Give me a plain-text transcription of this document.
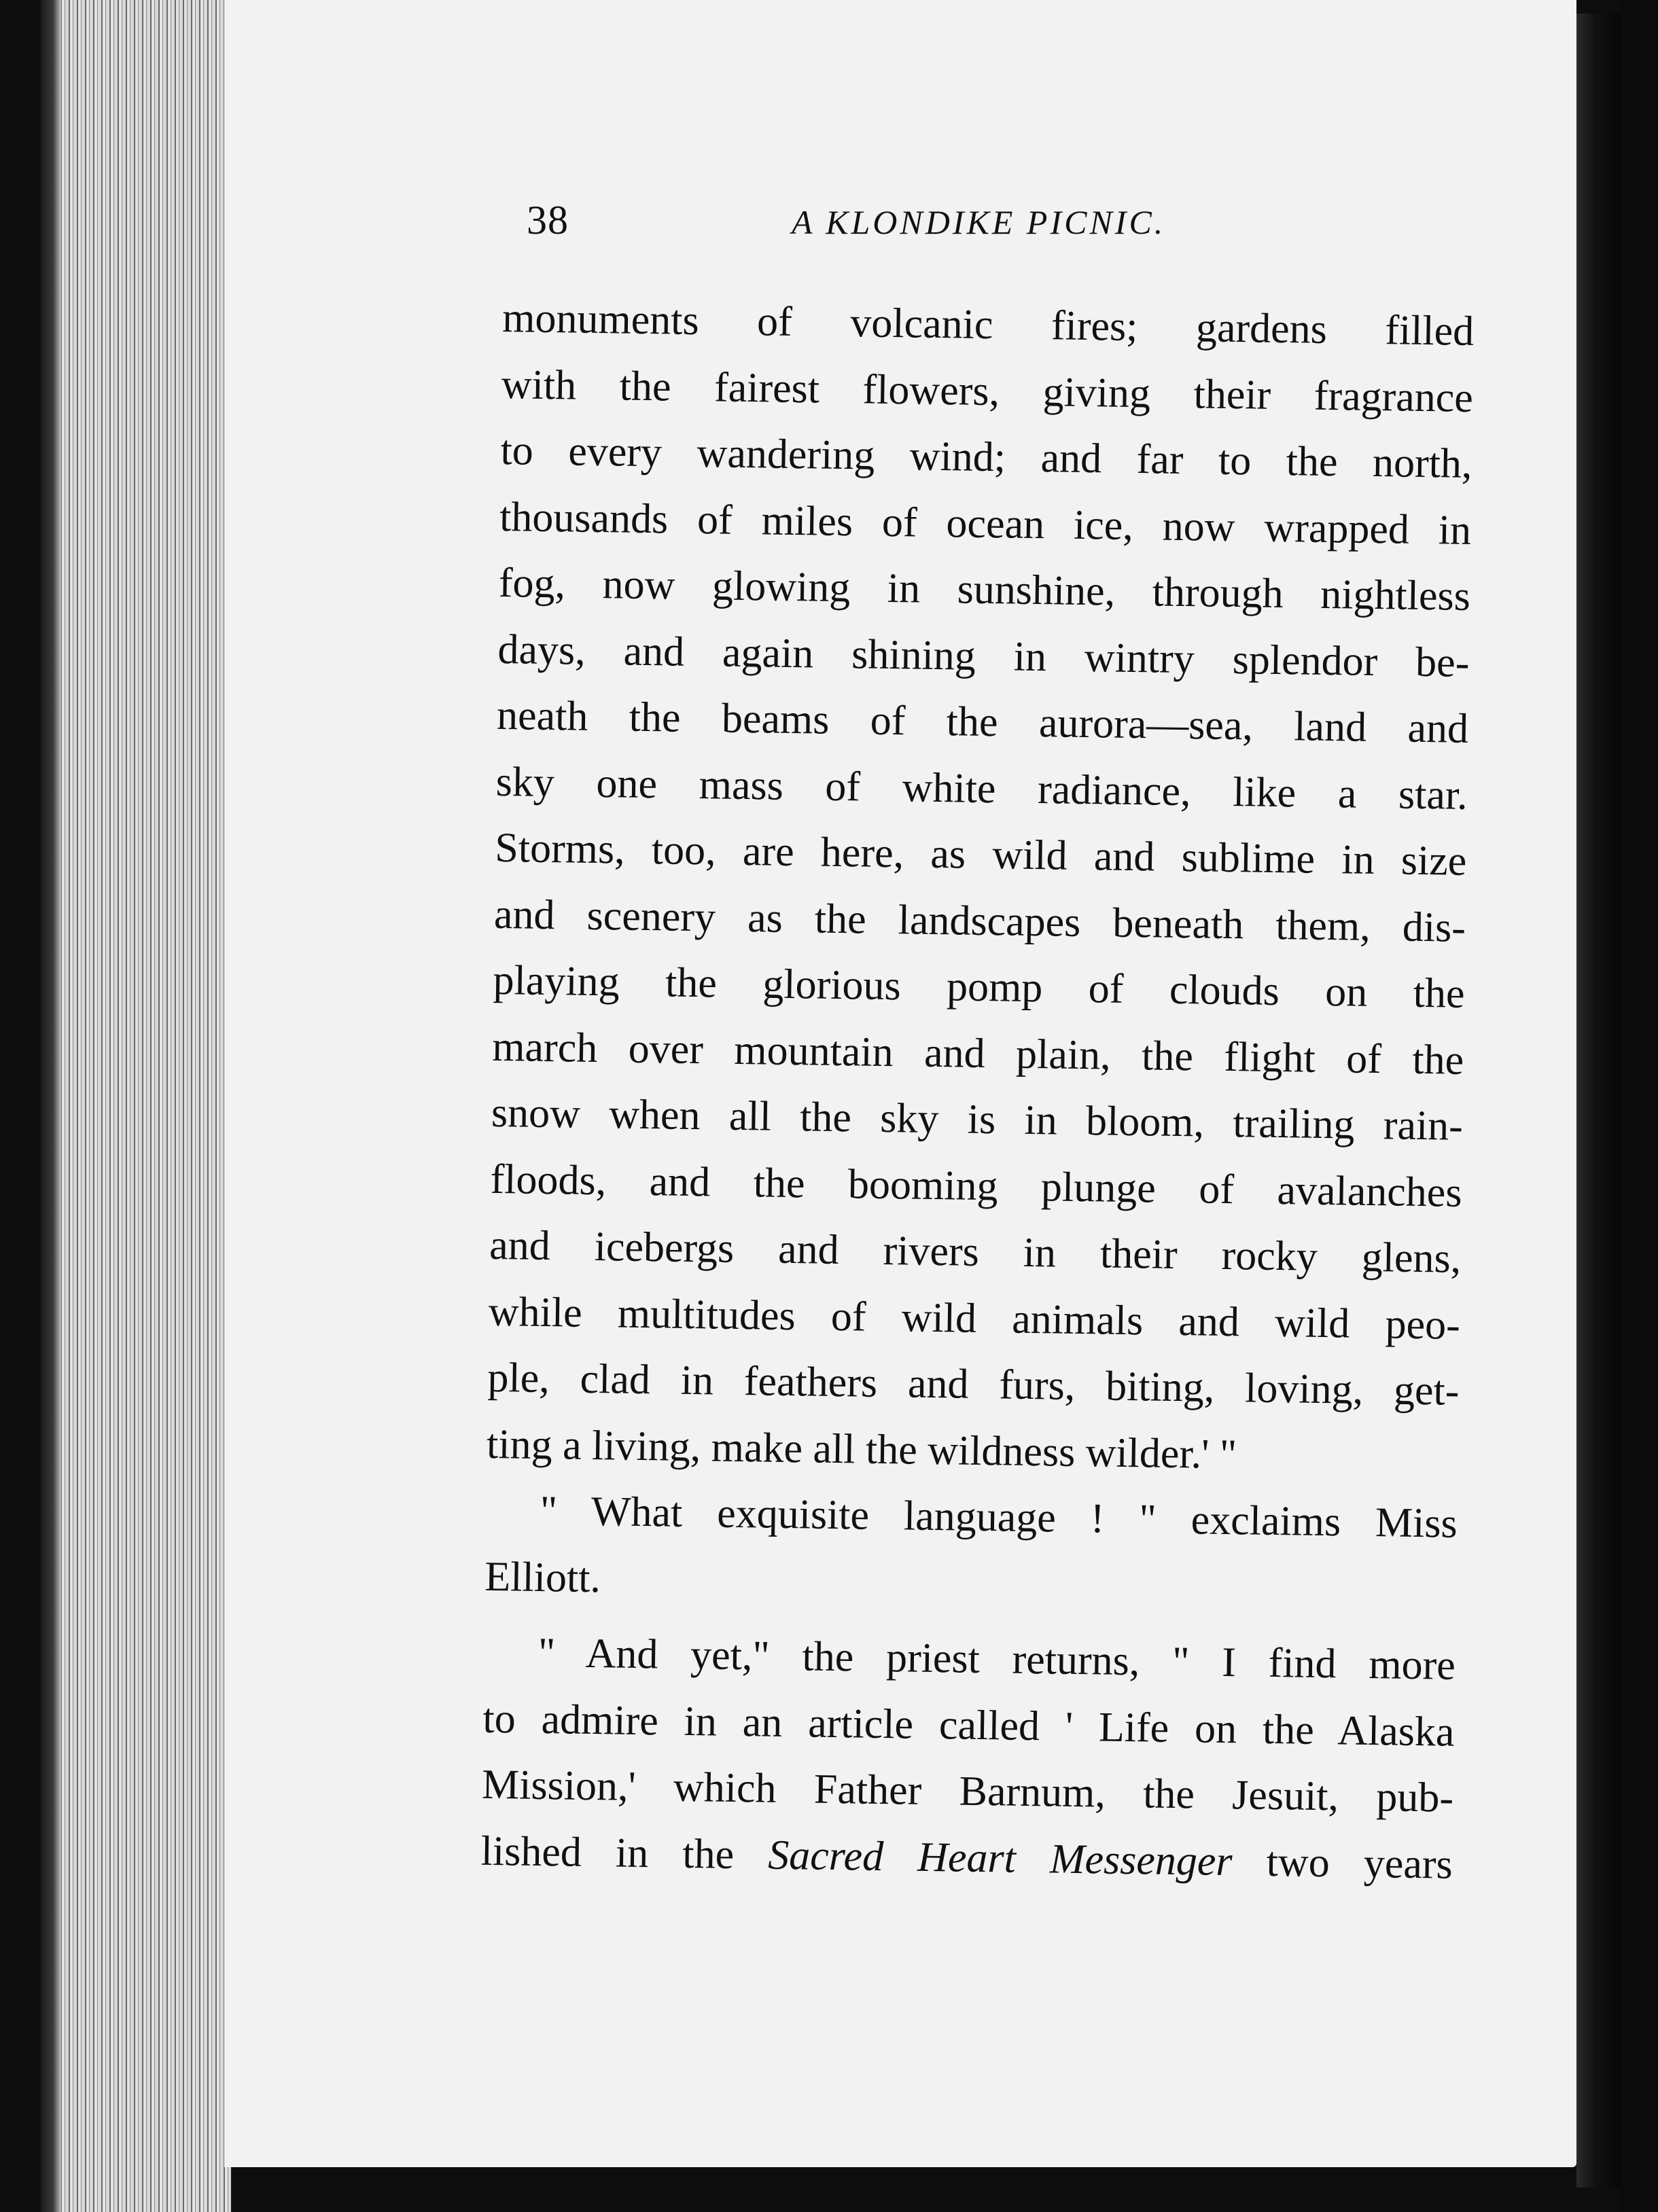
38	A KLONDIKE PICNIC.
monuments of volcanic fires; gardens filled
with the fairest flowers, giving their fragrance
to every wandering wind; and far to the north,
thousands of miles of ocean ice, now wrapped in
fog, now glowing in sunshine, through nightless
days, and again shining in wintry splendor be-
neath the beams of the aurora—sea, land and
sky one mass of white radiance, like a star.
Storms, too, are here, as wild and sublime in size
and scenery as the landscapes beneath them, dis-
playing the glorious pomp of clouds on the
march over mountain and plain, the flight of the
snow when all the sky is in bloom, trailing rain-
floods, and the booming plunge of avalanches
and icebergs and rivers in their rocky glens,
while multitudes of wild animals and wild peo-
ple, clad in feathers and furs, biting, loving, get-
ting a living, make all the wildness wilder.' "
" What exquisite language ! " exclaims Miss
Elliott.
" And yet," the priest returns, " I find more
to admire in an article called ' Life on the Alaska
Mission,' which Father Barnum, the Jesuit, pub-
lished in the Sacred Heart Messenger two years
